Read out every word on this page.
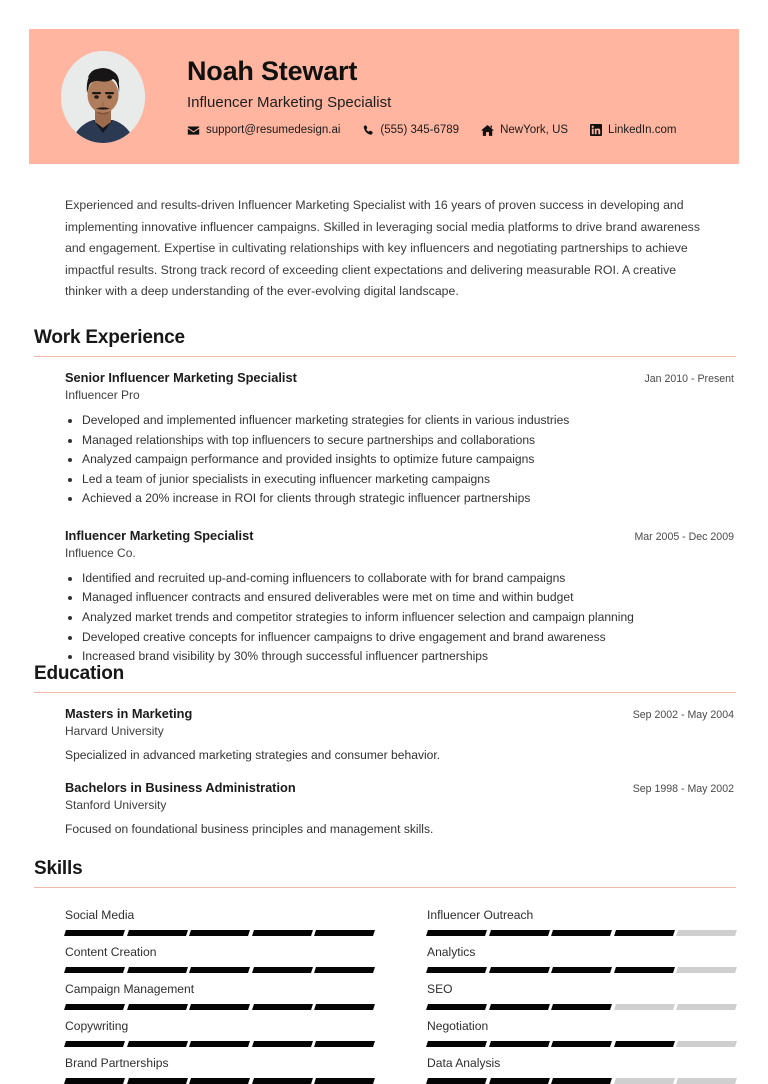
Noah Stewart
Influencer Marketing Specialist
support@resumedesign.ai	(555) 345-6789	NewYork, US	LinkedIn.com
Experienced and results-driven Influencer Marketing Specialist with 16 years of proven success in developing and implementing innovative influencer campaigns. Skilled in leveraging social media platforms to drive brand awareness and engagement. Expertise in cultivating relationships with key influencers and negotiating partnerships to achieve impactful results. Strong track record of exceeding client expectations and delivering measurable ROI. A creative thinker with a deep understanding of the ever-evolving digital landscape.
Work Experience
Senior Influencer Marketing Specialist	Jan 2010 - Present
Influencer Pro
• Developed and implemented influencer marketing strategies for clients in various industries
• Managed relationships with top influencers to secure partnerships and collaborations
• Analyzed campaign performance and provided insights to optimize future campaigns
• Led a team of junior specialists in executing influencer marketing campaigns
• Achieved a 20% increase in ROI for clients through strategic influencer partnerships
Influencer Marketing Specialist	Mar 2005 - Dec 2009
Influence Co.
• Identified and recruited up-and-coming influencers to collaborate with for brand campaigns
• Managed influencer contracts and ensured deliverables were met on time and within budget
• Analyzed market trends and competitor strategies to inform influencer selection and campaign planning
• Developed creative concepts for influencer campaigns to drive engagement and brand awareness
• Increased brand visibility by 30% through successful influencer partnerships
Education
Masters in Marketing	Sep 2002 - May 2004
Harvard University
Specialized in advanced marketing strategies and consumer behavior.
Bachelors in Business Administration	Sep 1998 - May 2002
Stanford University
Focused on foundational business principles and management skills.
Skills
Social Media	Influencer Outreach
Content Creation	Analytics
Campaign Management	SEO
Copywriting	Negotiation
Brand Partnerships	Data Analysis
